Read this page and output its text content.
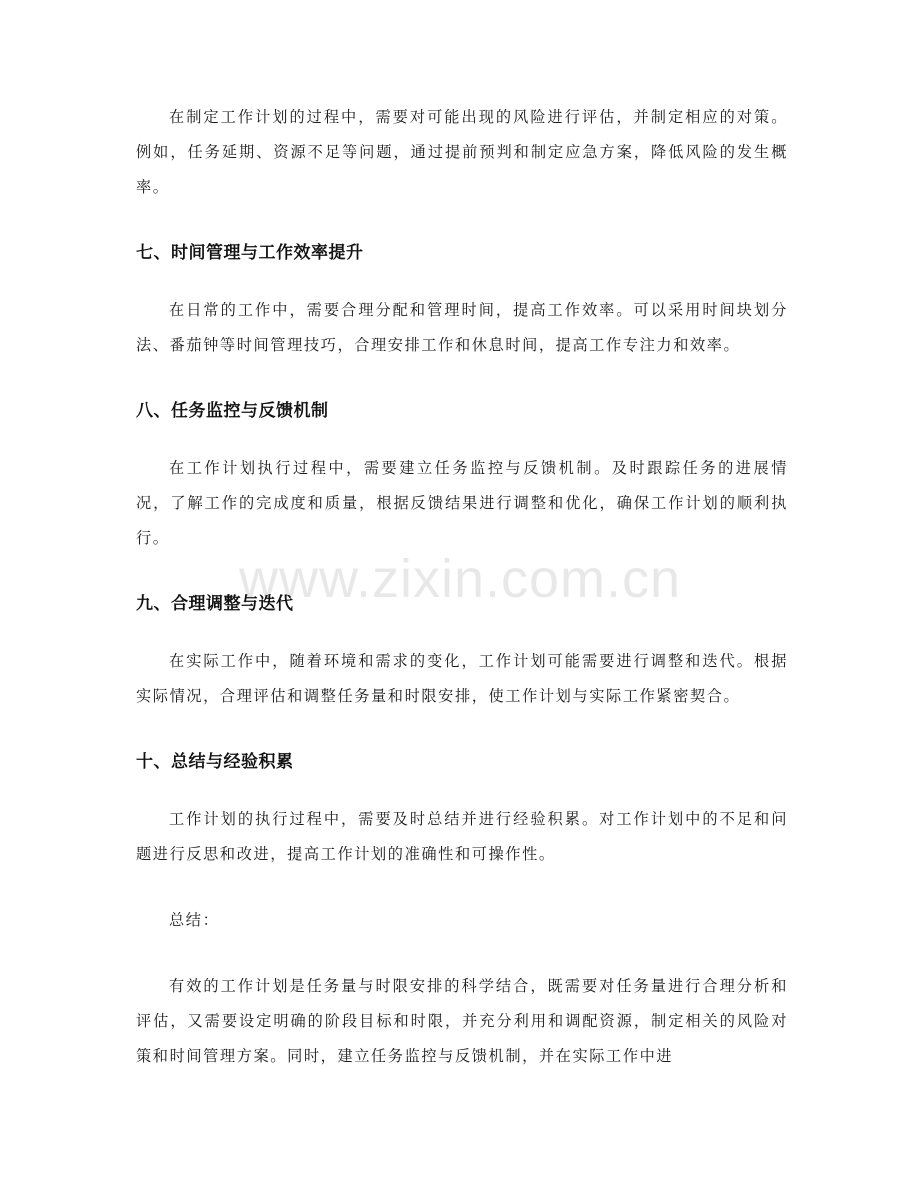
在制定工作计划的过程中，需要对可能出现的风险进行评估，并制定相应的对策。例如，任务延期、资源不足等问题，通过提前预判和制定应急方案，降低风险的发生概率。

七、时间管理与工作效率提升

在日常的工作中，需要合理分配和管理时间，提高工作效率。可以采用时间块划分法、番茄钟等时间管理技巧，合理安排工作和休息时间，提高工作专注力和效率。

八、任务监控与反馈机制

在工作计划执行过程中，需要建立任务监控与反馈机制。及时跟踪任务的进展情况，了解工作的完成度和质量，根据反馈结果进行调整和优化，确保工作计划的顺利执行。

九、合理调整与迭代

在实际工作中，随着环境和需求的变化，工作计划可能需要进行调整和迭代。根据实际情况，合理评估和调整任务量和时限安排，使工作计划与实际工作紧密契合。

十、总结与经验积累

工作计划的执行过程中，需要及时总结并进行经验积累。对工作计划中的不足和问题进行反思和改进，提高工作计划的准确性和可操作性。

总结：

有效的工作计划是任务量与时限安排的科学结合，既需要对任务量进行合理分析和评估，又需要设定明确的阶段目标和时限，并充分利用和调配资源，制定相关的风险对策和时间管理方案。同时，建立任务监控与反馈机制，并在实际工作中进

www.zixin.com.cn
